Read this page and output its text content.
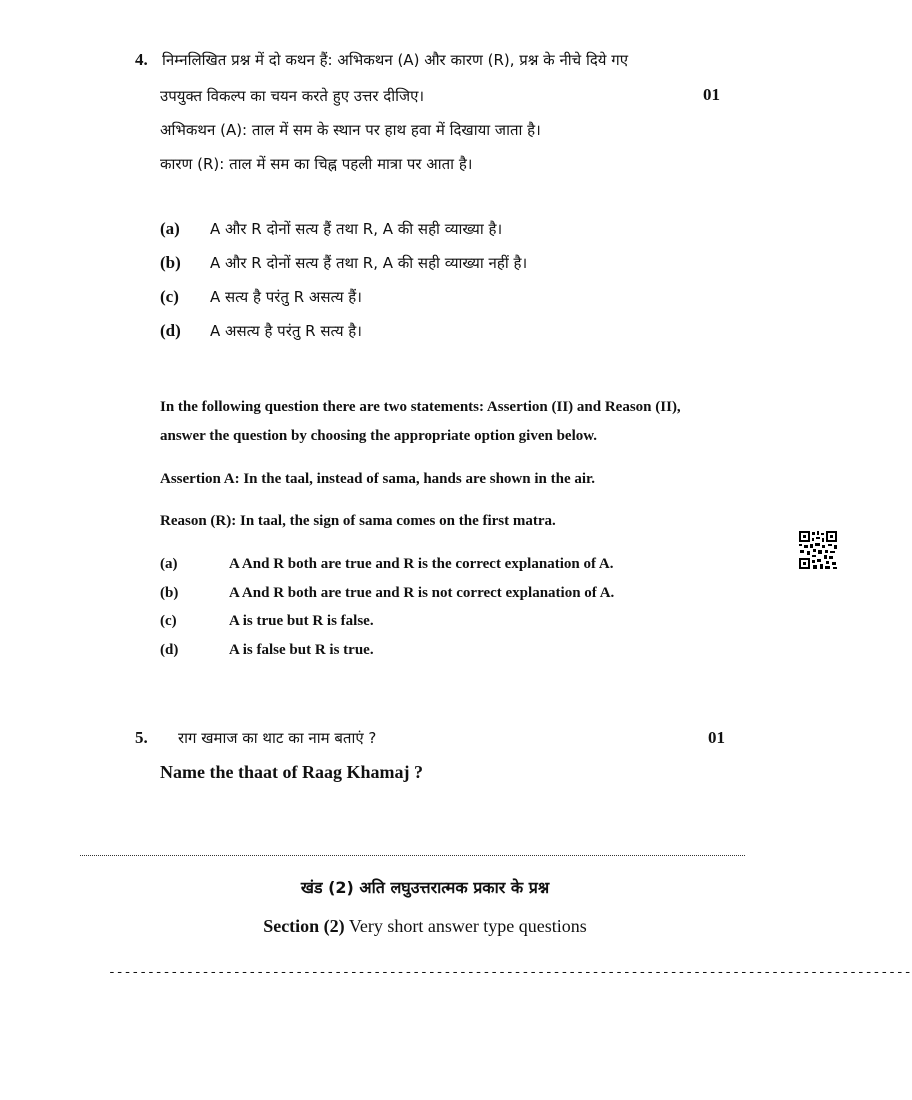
4. निम्नलिखित प्रश्न में दो कथन हैं: अभिकथन (A) और कारण (R), प्रश्न के नीचे दिये गए
उपयुक्त विकल्प का चयन करते हुए उत्तर दीजिए।	01
अभिकथन (A): ताल में सम के स्थान पर हाथ हवा में दिखाया जाता है।
कारण (R): ताल में सम का चिह्न पहली मात्रा पर आता है।
(a) A और R दोनों सत्य हैं तथा R, A की सही व्याख्या है।
(b) A और R दोनों सत्य हैं तथा R, A की सही व्याख्या नहीं है।
(c) A सत्य है परंतु R असत्य हैं।
(d) A असत्य है परंतु R सत्य है।
In the following question there are two statements: Assertion (II) and Reason (II),
answer the question by choosing the appropriate option given below.
Assertion A: In the taal, instead of sama, hands are shown in the air.
Reason (R): In taal, the sign of sama comes on the first matra.
(a)	A And R both are true and R is the correct explanation of A.
(b)	A And R both are true and R is not correct explanation of A.
(c)	A is true but R is false.
(d)	A is false but R is true.
5. राग खमाज का थाट का नाम बताएं ?	01
Name the thaat of Raag Khamaj ?
खंड (2) अति लघुउत्तरात्मक प्रकार के प्रश्न
Section (2) Very short answer type questions
-------------------------------------------------------------------------------------------------------
